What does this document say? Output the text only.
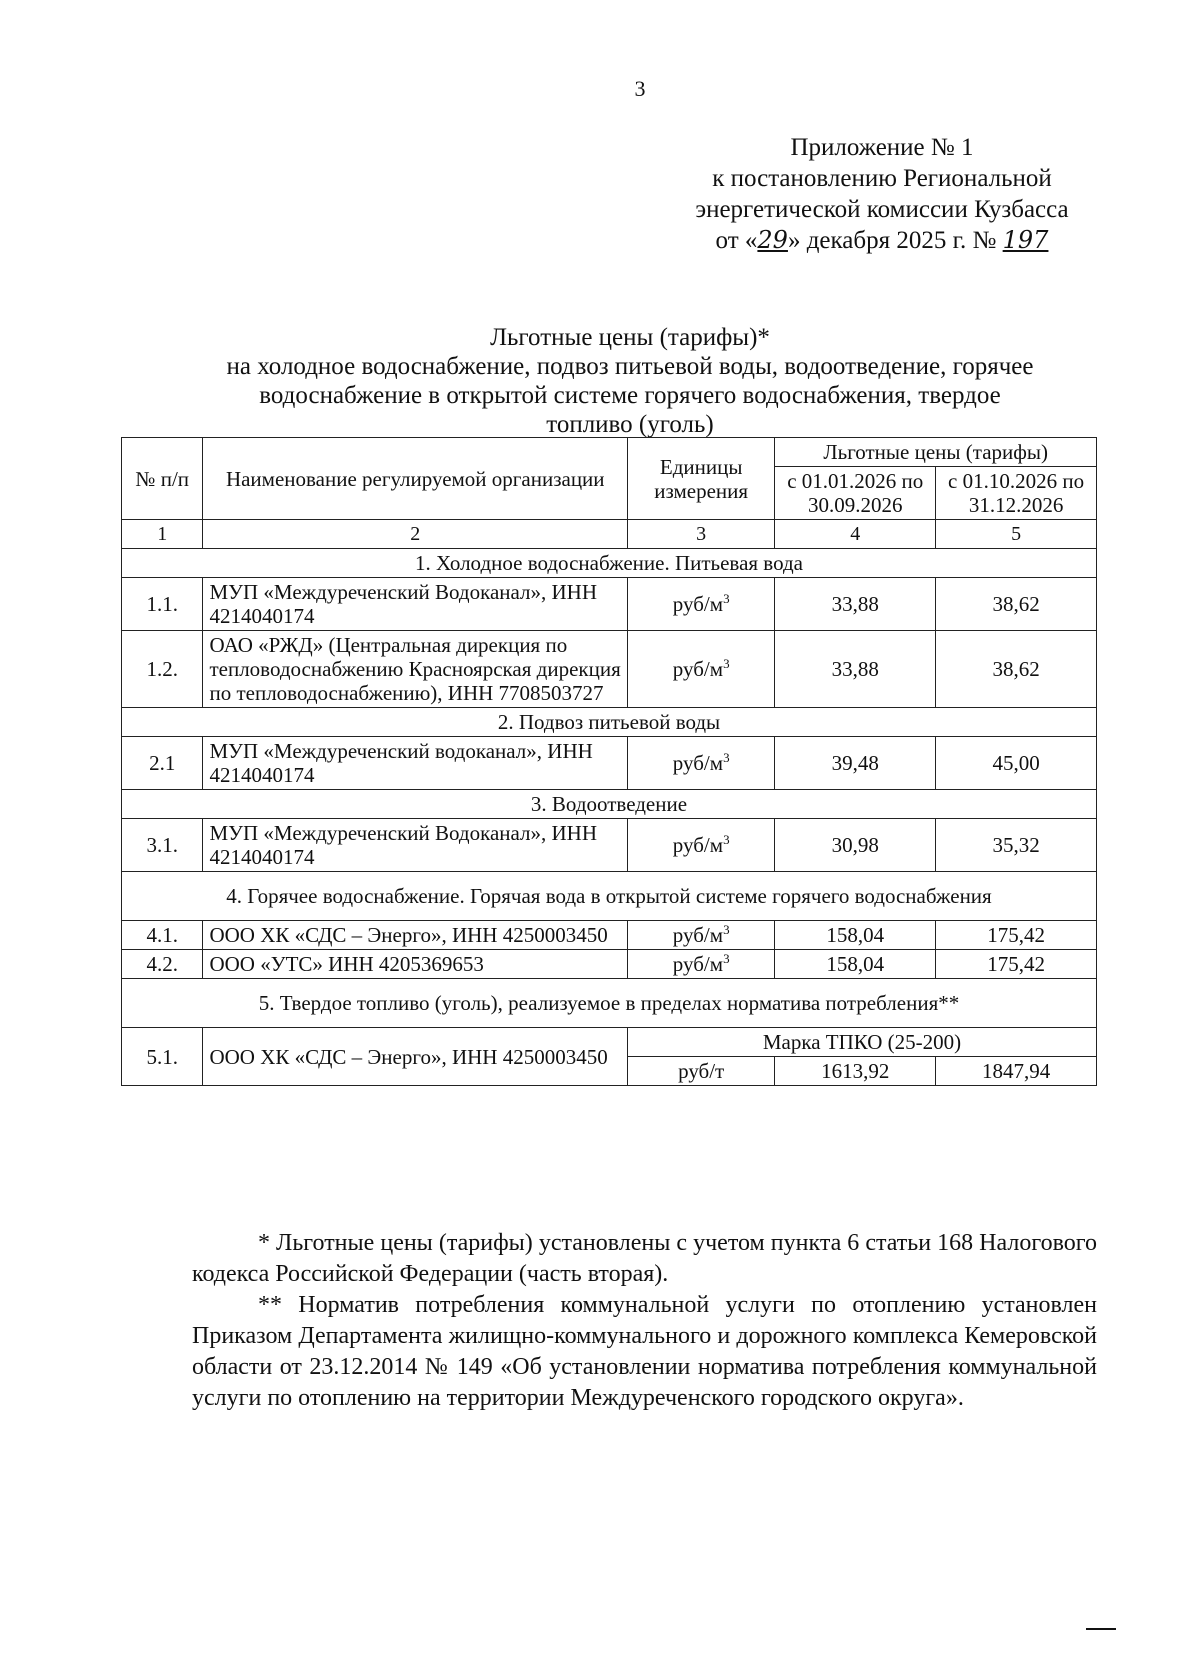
3
Приложение № 1
к постановлению Региональной
энергетической комиссии Кузбасса
от «29» декабря 2025 г. № 197
Льготные цены (тарифы)*
на холодное водоснабжение, подвоз питьевой воды, водоотведение, горячее
водоснабжение в открытой системе горячего водоснабжения, твердое
топливо (уголь)
№ п/п	Наименование регулируемой организации	Единицы измерения	Льготные цены (тарифы)	
			с 01.01.2026 по 30.09.2026	с 01.10.2026 по 31.12.2026
1	2	3	4	5
1. Холодное водоснабжение. Питьевая вода				
1.1.	МУП «Междуреченский Водоканал», ИНН 4214040174	руб/$м^3$	33,88	38,62
1.2.	ОАО «РЖД» (Центральная дирекция по тепловодоснабжению Красноярская дирекция по тепловодоснабжению), ИНН 7708503727	руб/$м^3$	33,88	38,62
2. Подвоз питьевой воды				
2.1	МУП «Междуреченский водоканал», ИНН 4214040174	руб/$м^3$	39,48	45,00
3. Водоотведение				
3.1.	МУП «Междуреченский Водоканал», ИНН 4214040174	руб/$м^3$	30,98	35,32
4. Горячее водоснабжение. Горячая вода в открытой системе горячего водоснабжения				
4.1.	ООО ХК «СДС – Энерго», ИНН 4250003450	руб/$м^3$	158,04	175,42
4.2.	ООО «УТС» ИНН 4205369653	руб/$м^3$	158,04	175,42
5. Твердое топливо (уголь), реализуемое в пределах норматива потребления**				
5.1.	ООО ХК «СДС – Энерго», ИНН 4250003450	Марка ТПКО (25-200)		
		руб/т	1613,92	1847,94

* Льготные цены (тарифы) установлены с учетом пункта 6 статьи 168 Налогового кодекса Российской Федерации (часть вторая).

** Норматив потребления коммунальной услуги по отоплению установлен Приказом Департамента жилищно-коммунального и дорожного комплекса Кемеровской области от 23.12.2014 № 149 «Об установлении норматива потребления коммунальной услуги по отоплению на территории Междуреченского городского округа».
